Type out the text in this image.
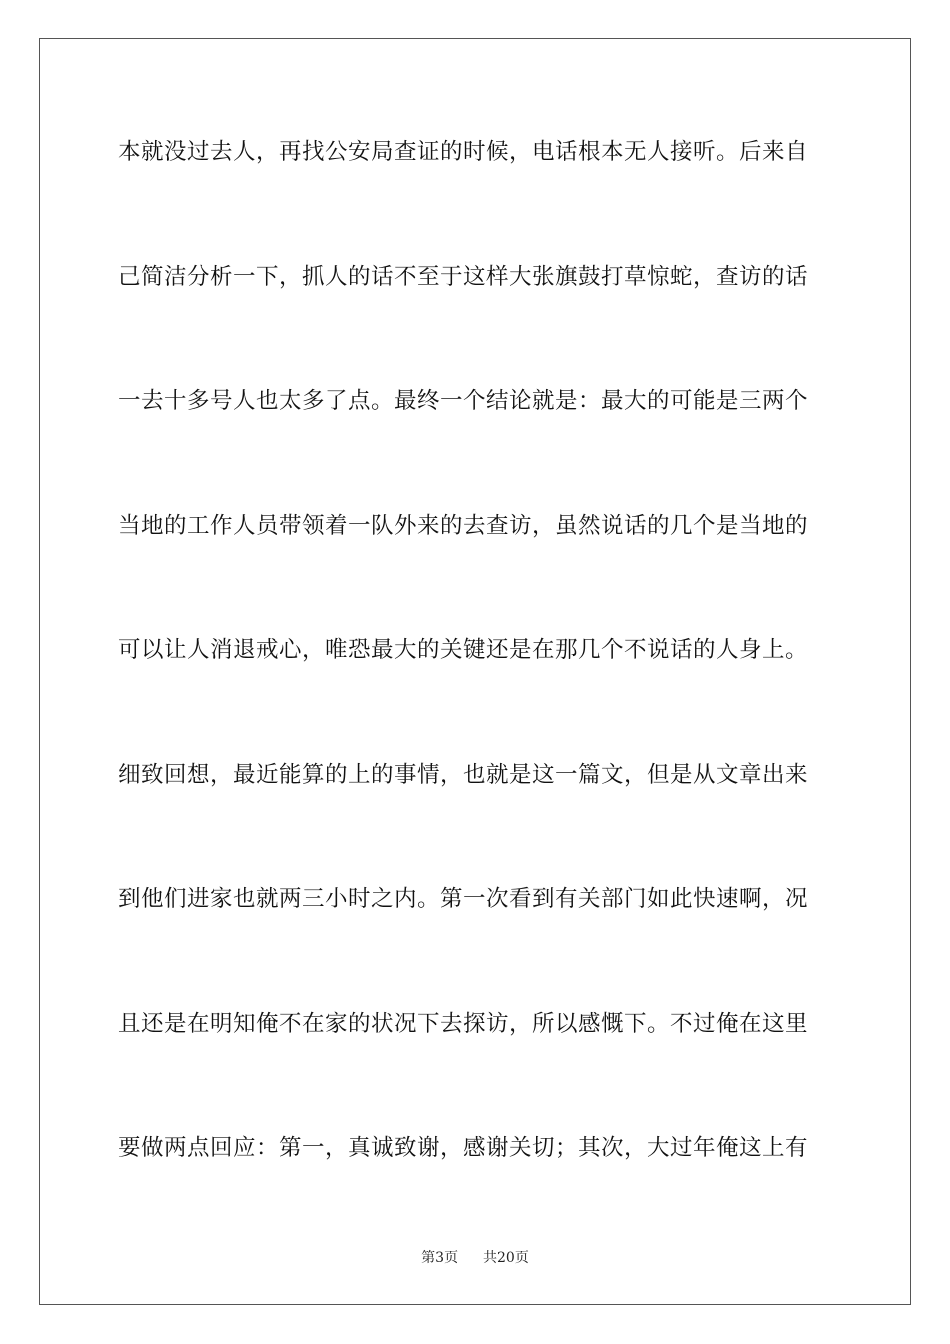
本就没过去人，再找公安局查证的时候，电话根本无人接听。后来自
己简洁分析一下，抓人的话不至于这样大张旗鼓打草惊蛇，查访的话
一去十多号人也太多了点。最终一个结论就是：最大的可能是三两个
当地的工作人员带领着一队外来的去查访，虽然说话的几个是当地的
可以让人消退戒心，唯恐最大的关键还是在那几个不说话的人身上。
细致回想，最近能算的上的事情，也就是这一篇文，但是从文章出来
到他们进家也就两三小时之内。第一次看到有关部门如此快速啊，况
且还是在明知俺不在家的状况下去探访，所以感慨下。不过俺在这里
要做两点回应：第一，真诚致谢，感谢关切；其次，大过年俺这上有
第3页 共20页
